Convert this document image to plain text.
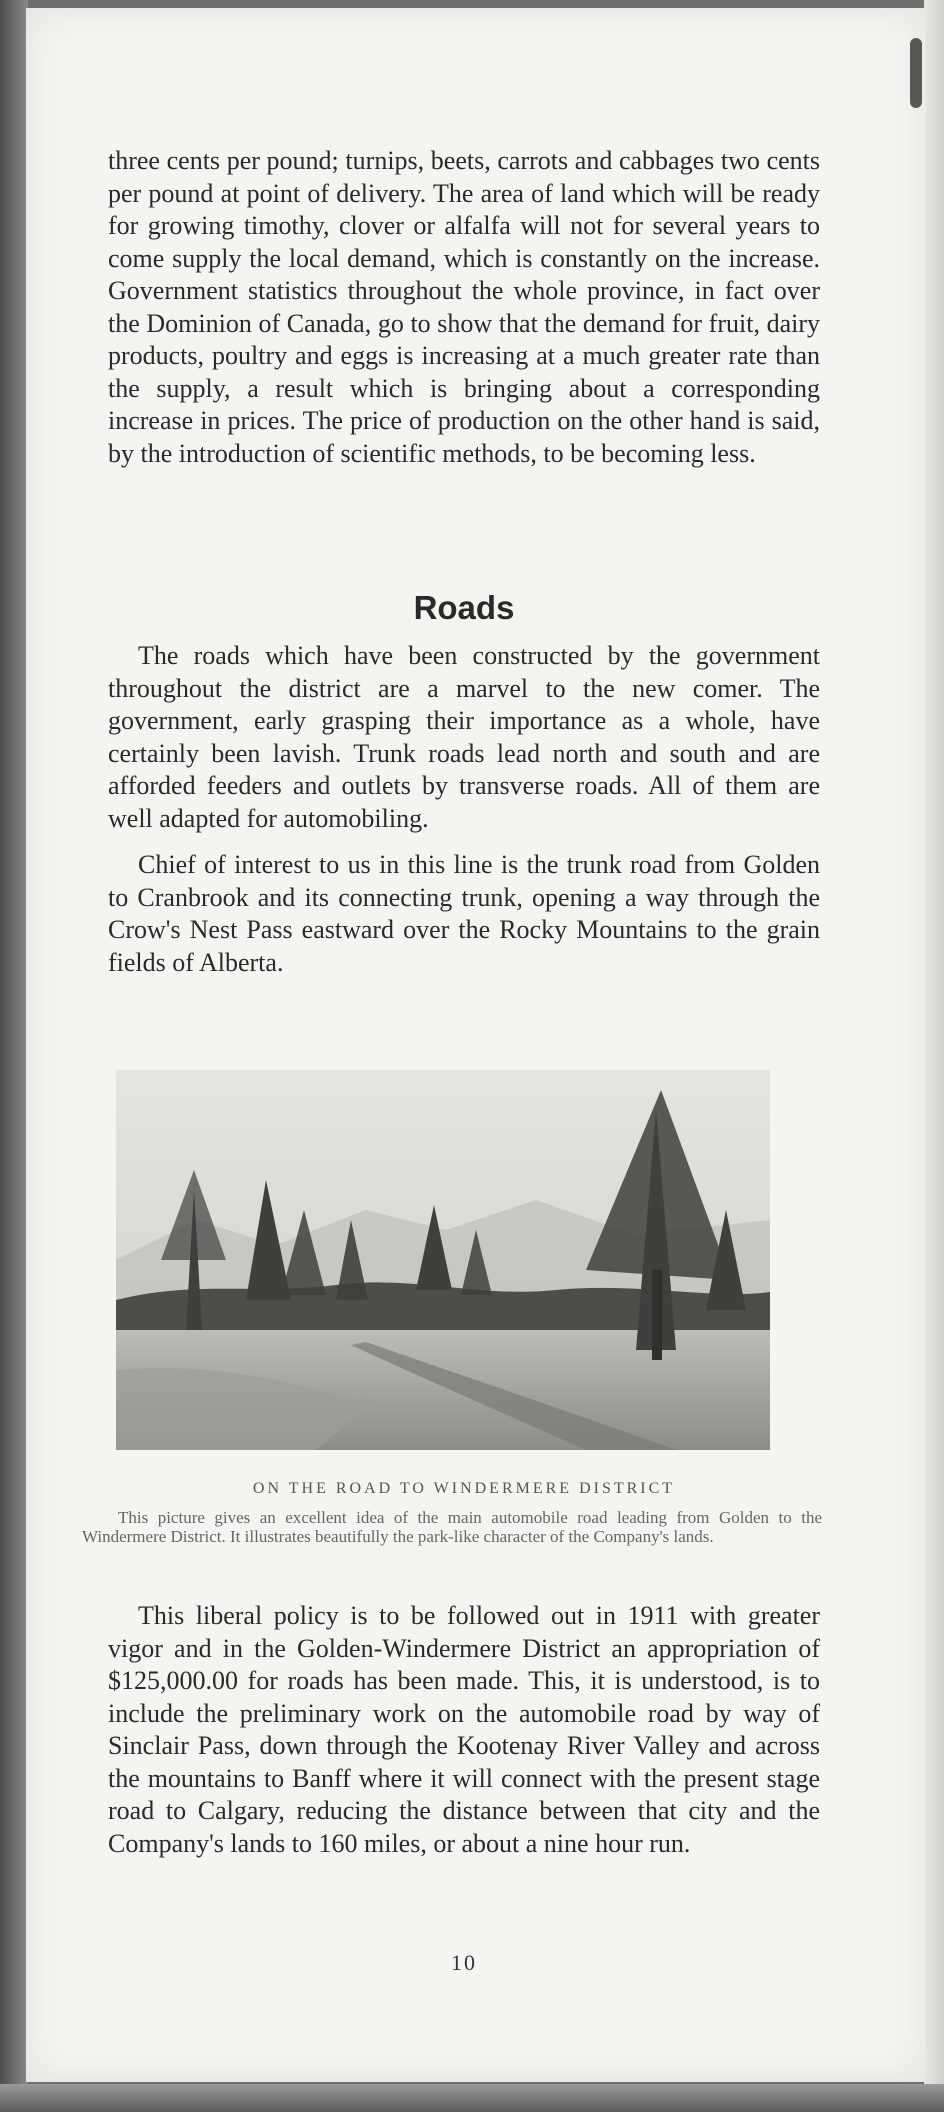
three cents per pound; turnips, beets, carrots and cabbages two cents per pound at point of delivery. The area of land which will be ready for growing timothy, clover or alfalfa will not for several years to come supply the local demand, which is constantly on the increase. Government statistics throughout the whole province, in fact over the Dominion of Canada, go to show that the demand for fruit, dairy products, poultry and eggs is increasing at a much greater rate than the supply, a result which is bringing about a corresponding increase in prices. The price of production on the other hand is said, by the introduction of scientific methods, to be becoming less.

Roads

The roads which have been constructed by the government throughout the district are a marvel to the new comer. The government, early grasping their importance as a whole, have certainly been lavish. Trunk roads lead north and south and are afforded feeders and outlets by transverse roads. All of them are well adapted for automobiling.

Chief of interest to us in this line is the trunk road from Golden to Cranbrook and its connecting trunk, opening a way through the Crow's Nest Pass eastward over the Rocky Mountains to the grain fields of Alberta.

ON THE ROAD TO WINDERMERE DISTRICT
This picture gives an excellent idea of the main automobile road leading from Golden to the Windermere District. It illustrates beautifully the park-like character of the Company's lands.

This liberal policy is to be followed out in 1911 with greater vigor and in the Golden-Windermere District an appropriation of $125,000.00 for roads has been made. This, it is understood, is to include the preliminary work on the automobile road by way of Sinclair Pass, down through the Kootenay River Valley and across the mountains to Banff where it will connect with the present stage road to Calgary, reducing the distance between that city and the Company's lands to 160 miles, or about a nine hour run.

10
